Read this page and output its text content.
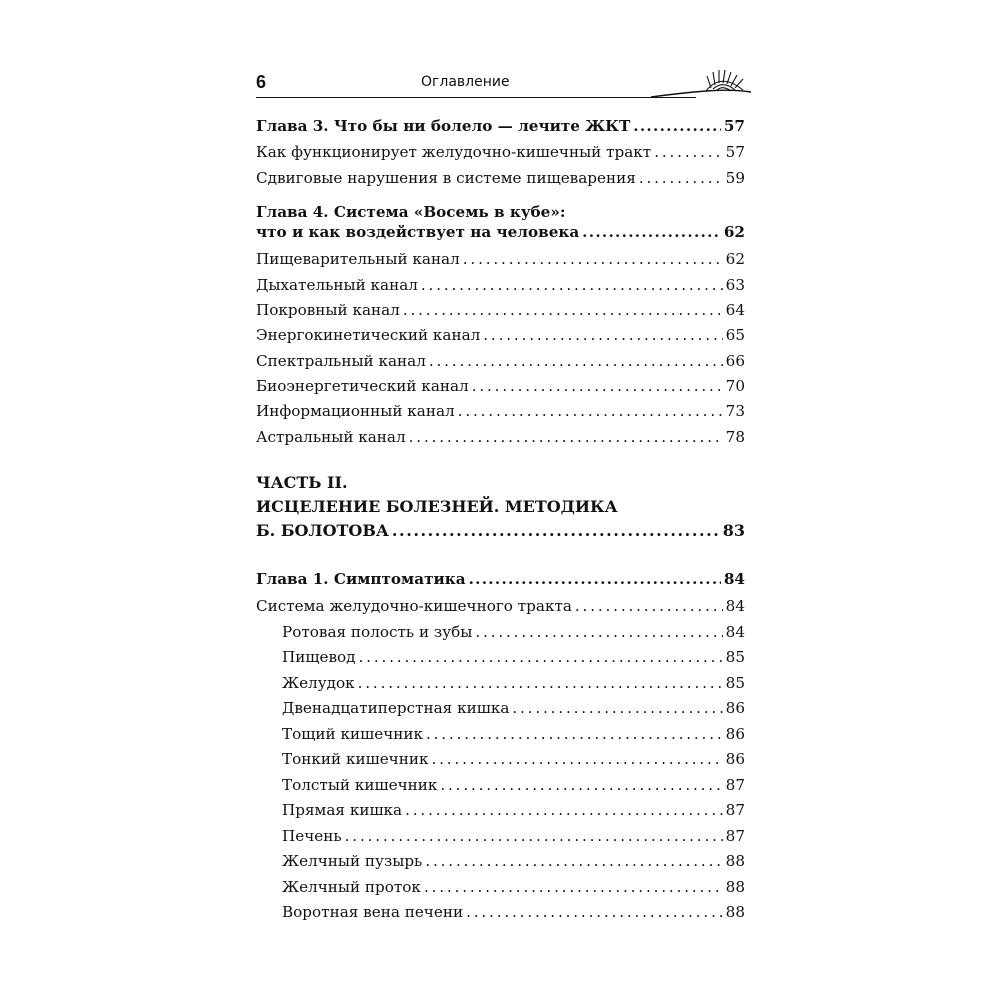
6	Оглавление
Глава 3. Что бы ни болело — лечите ЖКТ . . .	57
Как функционирует желудочно-кишечный тракт . . .	57
Сдвиговые нарушения в системе пищеварения . . .	59
Глава 4. Система «Восемь в кубе»:
что и как воздействует на человека . . .	62
Пищеварительный канал . . .	62
Дыхательный канал . . .	63
Покровный канал . . .	64
Энергокинетический канал . . .	65
Спектральный канал . . .	66
Биоэнергетический канал . . .	70
Информационный канал . . .	73
Астральный канал . . .	78
ЧАСТЬ II.
ИСЦЕЛЕНИЕ БОЛЕЗНЕЙ. МЕТОДИКА
Б. БОЛОТОВА . . .	83
Глава 1. Симптоматика . . .	84
Система желудочно-кишечного тракта . . .	84
Ротовая полость и зубы . . .	84
Пищевод . . .	85
Желудок . . .	85
Двенадцатиперстная кишка . . .	86
Тощий кишечник . . .	86
Тонкий кишечник . . .	86
Толстый кишечник . . .	87
Прямая кишка . . .	87
Печень . . .	87
Желчный пузырь . . .	88
Желчный проток . . .	88
Воротная вена печени . . .	88
